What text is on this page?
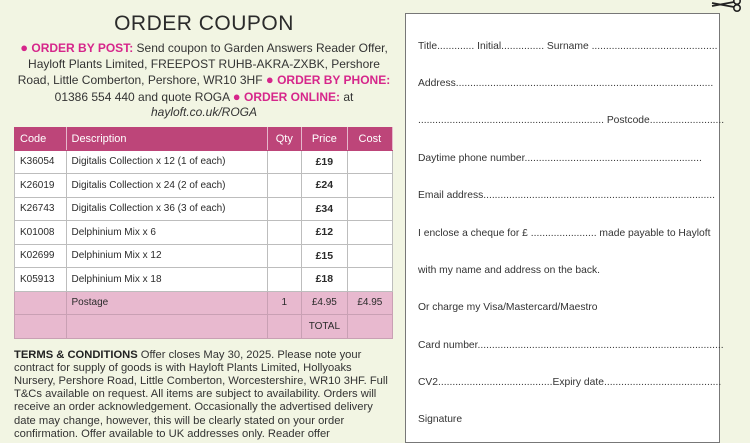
ORDER COUPON
● ORDER BY POST: Send coupon to Garden Answers Reader Offer, Hayloft Plants Limited, FREEPOST RUHB-AKRA-ZXBK, Pershore Road, Little Comberton, Pershore, WR10 3HF ● ORDER BY PHONE: 01386 554 440 and quote ROGA ● ORDER ONLINE: at hayloft.co.uk/ROGA
Code	Description	Qty	Price	Cost
K36054	Digitalis Collection x 12 (1 of each)		£19	
K26019	Digitalis Collection x 24 (2 of each)		£24	
K26743	Digitalis Collection x 36 (3 of each)		£34	
K01008	Delphinium Mix x 6		£12	
K02699	Delphinium Mix x 12		£15	
K05913	Delphinium Mix x 18		£18	
	Postage	1	£4.95	£4.95
			TOTAL	
TERMS & CONDITIONS Offer closes May 30, 2025. Please note your contract for supply of goods is with Hayloft Plants Limited, Hollyoaks Nursery, Pershore Road, Little Comberton, Worcestershire, WR10 3HF. Full T&Cs available on request. All items are subject to availability. Orders will receive an order acknowledgement. Occasionally the advertised delivery date may change, however, this will be clearly stated on your order confirmation. Offer available to UK addresses only. Reader offer
Title............. Initial............... Surname ............................................
Address..........................................................................................
................................................................. Postcode..........................
Daytime phone number..............................................................
Email address.................................................................................
I enclose a cheque for £ ....................... made payable to Hayloft
with my name and address on the back.
Or charge my Visa/Mastercard/Maestro
Card number......................................................................................
CV2........................................Expiry date.........................................
Signature
